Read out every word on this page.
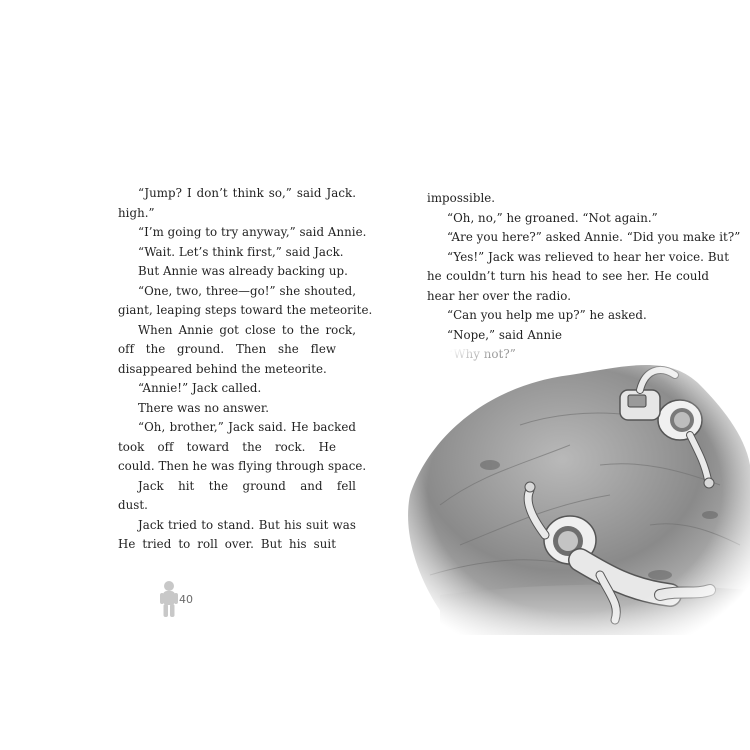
“Jump? I don’t think so,” said Jack.
high.”
“I’m going to try anyway,” said Annie.
“Wait. Let’s think first,” said Jack.
But Annie was already backing up.
“One, two, three—go!” she shouted,
giant, leaping steps toward the meteorite.
When Annie got close to the rock,
off the ground. Then she flew
disappeared behind the meteorite.
“Annie!” Jack called.
There was no answer.
“Oh, brother,” Jack said. He backed
took off toward the rock. He
could. Then he was flying through space.
Jack hit the ground and fell
dust.
Jack tried to stand. But his suit was
He tried to roll over. But his suit
40
impossible.
“Oh, no,” he groaned. “Not again.”
“Are you here?” asked Annie. “Did you make it?”
“Yes!” Jack was relieved to hear her voice. But
he couldn’t turn his head to see her. He could
hear her over the radio.
“Can you help me up?” he asked.
“Nope,” said Annie
